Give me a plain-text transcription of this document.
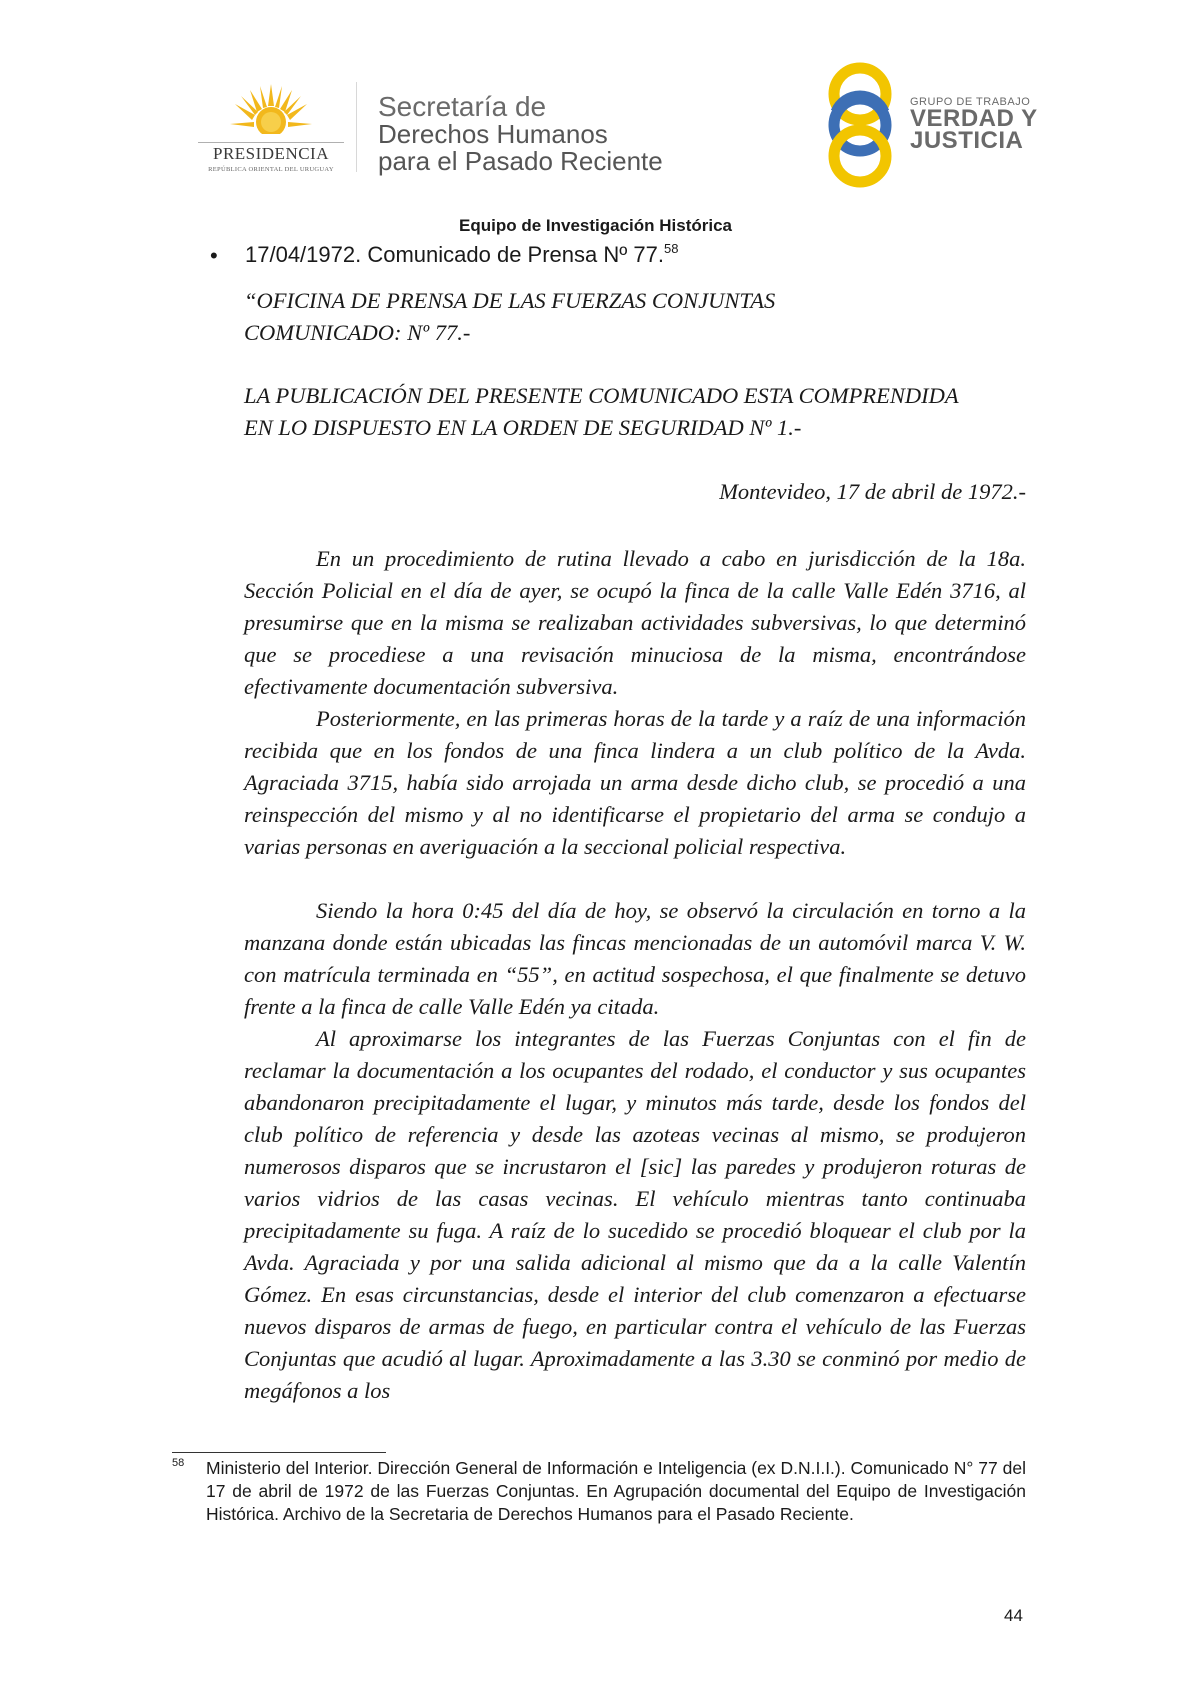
PRESIDENCIA
REPÚBLICA ORIENTAL DEL URUGUAY
Secretaría de
Derechos Humanos
para el Pasado Reciente
GRUPO DE TRABAJO
VERDAD Y
JUSTICIA
Equipo de Investigación Histórica
• 17/04/1972. Comunicado de Prensa Nº 77.58
“OFICINA DE PRENSA DE LAS FUERZAS CONJUNTAS
COMUNICADO: Nº 77.-
LA PUBLICACIÓN DEL PRESENTE COMUNICADO ESTA COMPRENDIDA
EN LO DISPUESTO EN LA ORDEN DE SEGURIDAD Nº 1.-
Montevideo, 17 de abril de 1972.-
En un procedimiento de rutina llevado a cabo en jurisdicción de la 18a. Sección Policial en el día de ayer, se ocupó la finca de la calle Valle Edén 3716, al presumirse que en la misma se realizaban actividades subversivas, lo que determinó que se procediese a una revisación minuciosa de la misma, encontrándose efectivamente documentación subversiva.
Posteriormente, en las primeras horas de la tarde y a raíz de una información recibida que en los fondos de una finca lindera a un club político de la Avda. Agraciada 3715, había sido arrojada un arma desde dicho club, se procedió a una reinspección del mismo y al no identificarse el propietario del arma se condujo a varias personas en averiguación a la seccional policial respectiva.
Siendo la hora 0:45 del día de hoy, se observó la circulación en torno a la manzana donde están ubicadas las fincas mencionadas de un automóvil marca V. W. con matrícula terminada en “55”, en actitud sospechosa, el que finalmente se detuvo frente a la finca de calle Valle Edén ya citada.
Al aproximarse los integrantes de las Fuerzas Conjuntas con el fin de reclamar la documentación a los ocupantes del rodado, el conductor y sus ocupantes abandonaron precipitadamente el lugar, y minutos más tarde, desde los fondos del club político de referencia y desde las azoteas vecinas al mismo, se produjeron numerosos disparos que se incrustaron el [sic] las paredes y produjeron roturas de varios vidrios de las casas vecinas. El vehículo mientras tanto continuaba precipitadamente su fuga. A raíz de lo sucedido se procedió bloquear el club por la Avda. Agraciada y por una salida adicional al mismo que da a la calle Valentín Gómez. En esas circunstancias, desde el interior del club comenzaron a efectuarse nuevos disparos de armas de fuego, en particular contra el vehículo de las Fuerzas Conjuntas que acudió al lugar. Aproximadamente a las 3.30 se conminó por medio de megáfonos a los
58 Ministerio del Interior. Dirección General de Información e Inteligencia (ex D.N.I.I.). Comunicado N° 77 del 17 de abril de 1972 de las Fuerzas Conjuntas. En Agrupación documental del Equipo de Investigación Histórica. Archivo de la Secretaria de Derechos Humanos para el Pasado Reciente.
44
